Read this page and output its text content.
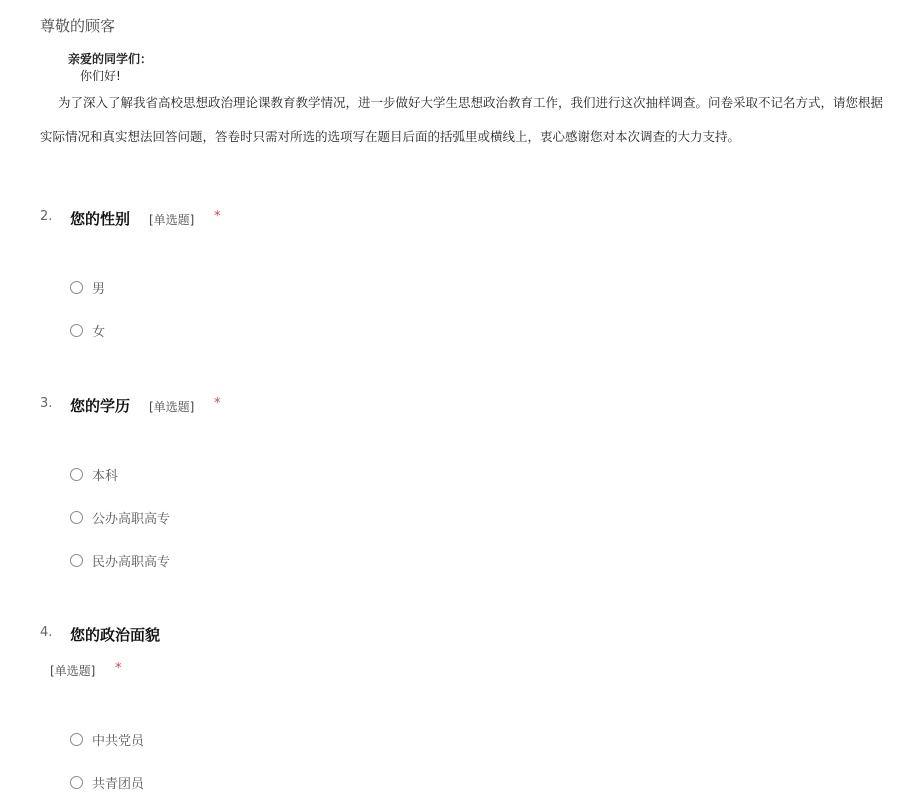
尊敬的顾客
亲爱的同学们：
你们好!
为了深入了解我省高校思想政治理论课教育教学情况，进一步做好大学生思想政治教育工作，我们进行这次抽样调查。问卷采取不记名方式，请您根据
实际情况和真实想法回答问题，答卷时只需对所选的选项写在题目后面的括弧里或横线上，衷心感谢您对本次调查的大力支持。
2. 您的性别 [单选题] *
男
女
3. 您的学历 [单选题] *
本科
公办高职高专
民办高职高专
4. 您的政治面貌
[单选题] *
中共党员
共青团员
